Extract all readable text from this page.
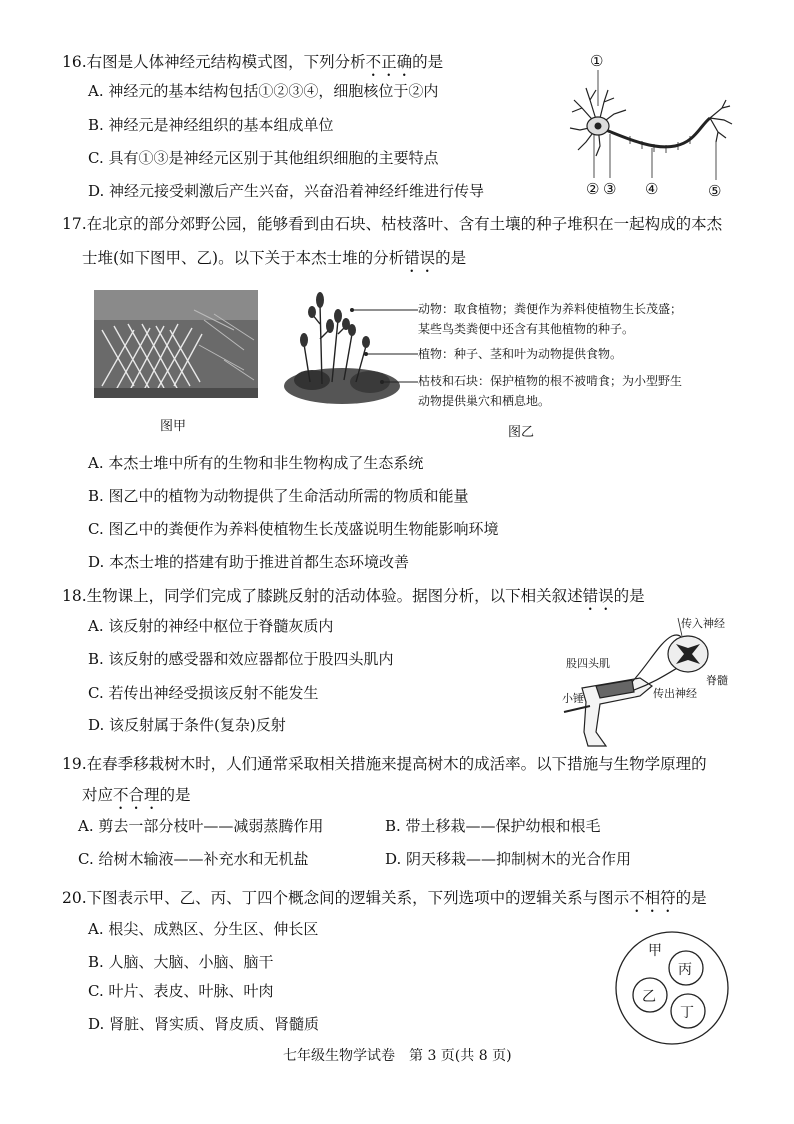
16.右图是人体神经元结构模式图，下列分析不正确的是
A. 神经元的基本结构包括①②③④，细胞核位于②内
B. 神经元是神经组织的基本组成单位
C. 具有①③是神经元区别于其他组织细胞的主要特点
D. 神经元接受刺激后产生兴奋，兴奋沿着神经纤维进行传导
①
② ③ ④	⑤
17.在北京的部分郊野公园，能够看到由石块、枯枝落叶、含有土壤的种子堆积在一起构成的本杰
士堆(如下图甲、乙)。以下关于本杰士堆的分析错误的是
图甲
动物：取食植物；粪便作为养料使植物生长茂盛；
某些鸟类粪便中还含有其他植物的种子。
植物：种子、茎和叶为动物提供食物。
枯枝和石块：保护植物的根不被啃食；为小型野生
动物提供巢穴和栖息地。
图乙
A. 本杰士堆中所有的生物和非生物构成了生态系统
B. 图乙中的植物为动物提供了生命活动所需的物质和能量
C. 图乙中的粪便作为养料使植物生长茂盛说明生物能影响环境
D. 本杰士堆的搭建有助于推进首都生态环境改善
18.生物课上，同学们完成了膝跳反射的活动体验。据图分析，以下相关叙述错误的是
A. 该反射的神经中枢位于脊髓灰质内
B. 该反射的感受器和效应器都位于股四头肌内
C. 若传出神经受损该反射不能发生
D. 该反射属于条件(复杂)反射
传入神经
股四头肌
脊髓
传出神经
小锤
19.在春季移栽树木时，人们通常采取相关措施来提高树木的成活率。以下措施与生物学原理的
对应不合理的是
A. 剪去一部分枝叶——减弱蒸腾作用	B. 带土移栽——保护幼根和根毛
C. 给树木输液——补充水和无机盐	D. 阴天移栽——抑制树木的光合作用
20.下图表示甲、乙、丙、丁四个概念间的逻辑关系，下列选项中的逻辑关系与图示不相符的是
A. 根尖、成熟区、分生区、伸长区
B. 人脑、大脑、小脑、脑干
C. 叶片、表皮、叶脉、叶肉
D. 肾脏、肾实质、肾皮质、肾髓质
甲
丙
乙
丁
七年级生物学试卷　第 3 页(共 8 页)
